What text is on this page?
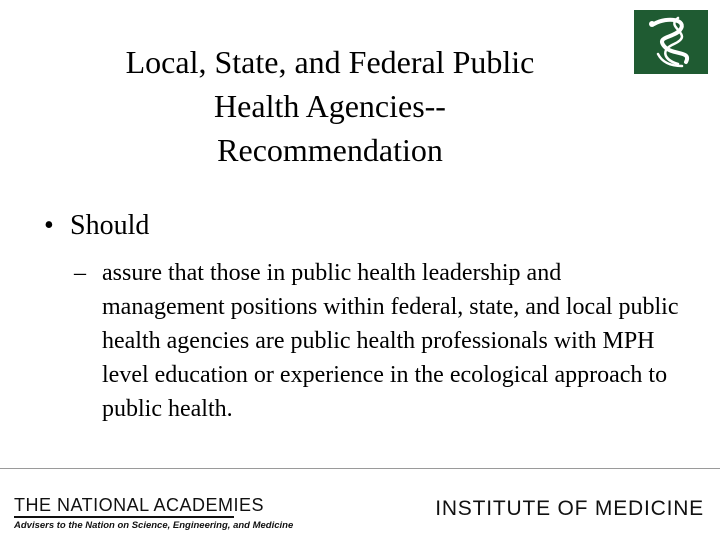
Local, State, and Federal Public
Health Agencies--
Recommendation
• Should
– assure that those in public health leadership and management positions within federal, state, and local public health agencies are public health professionals with MPH level education or experience in the ecological approach to public health.
THE NATIONAL ACADEMIES
Advisers to the Nation on Science, Engineering, and Medicine
INSTITUTE OF MEDICINE
